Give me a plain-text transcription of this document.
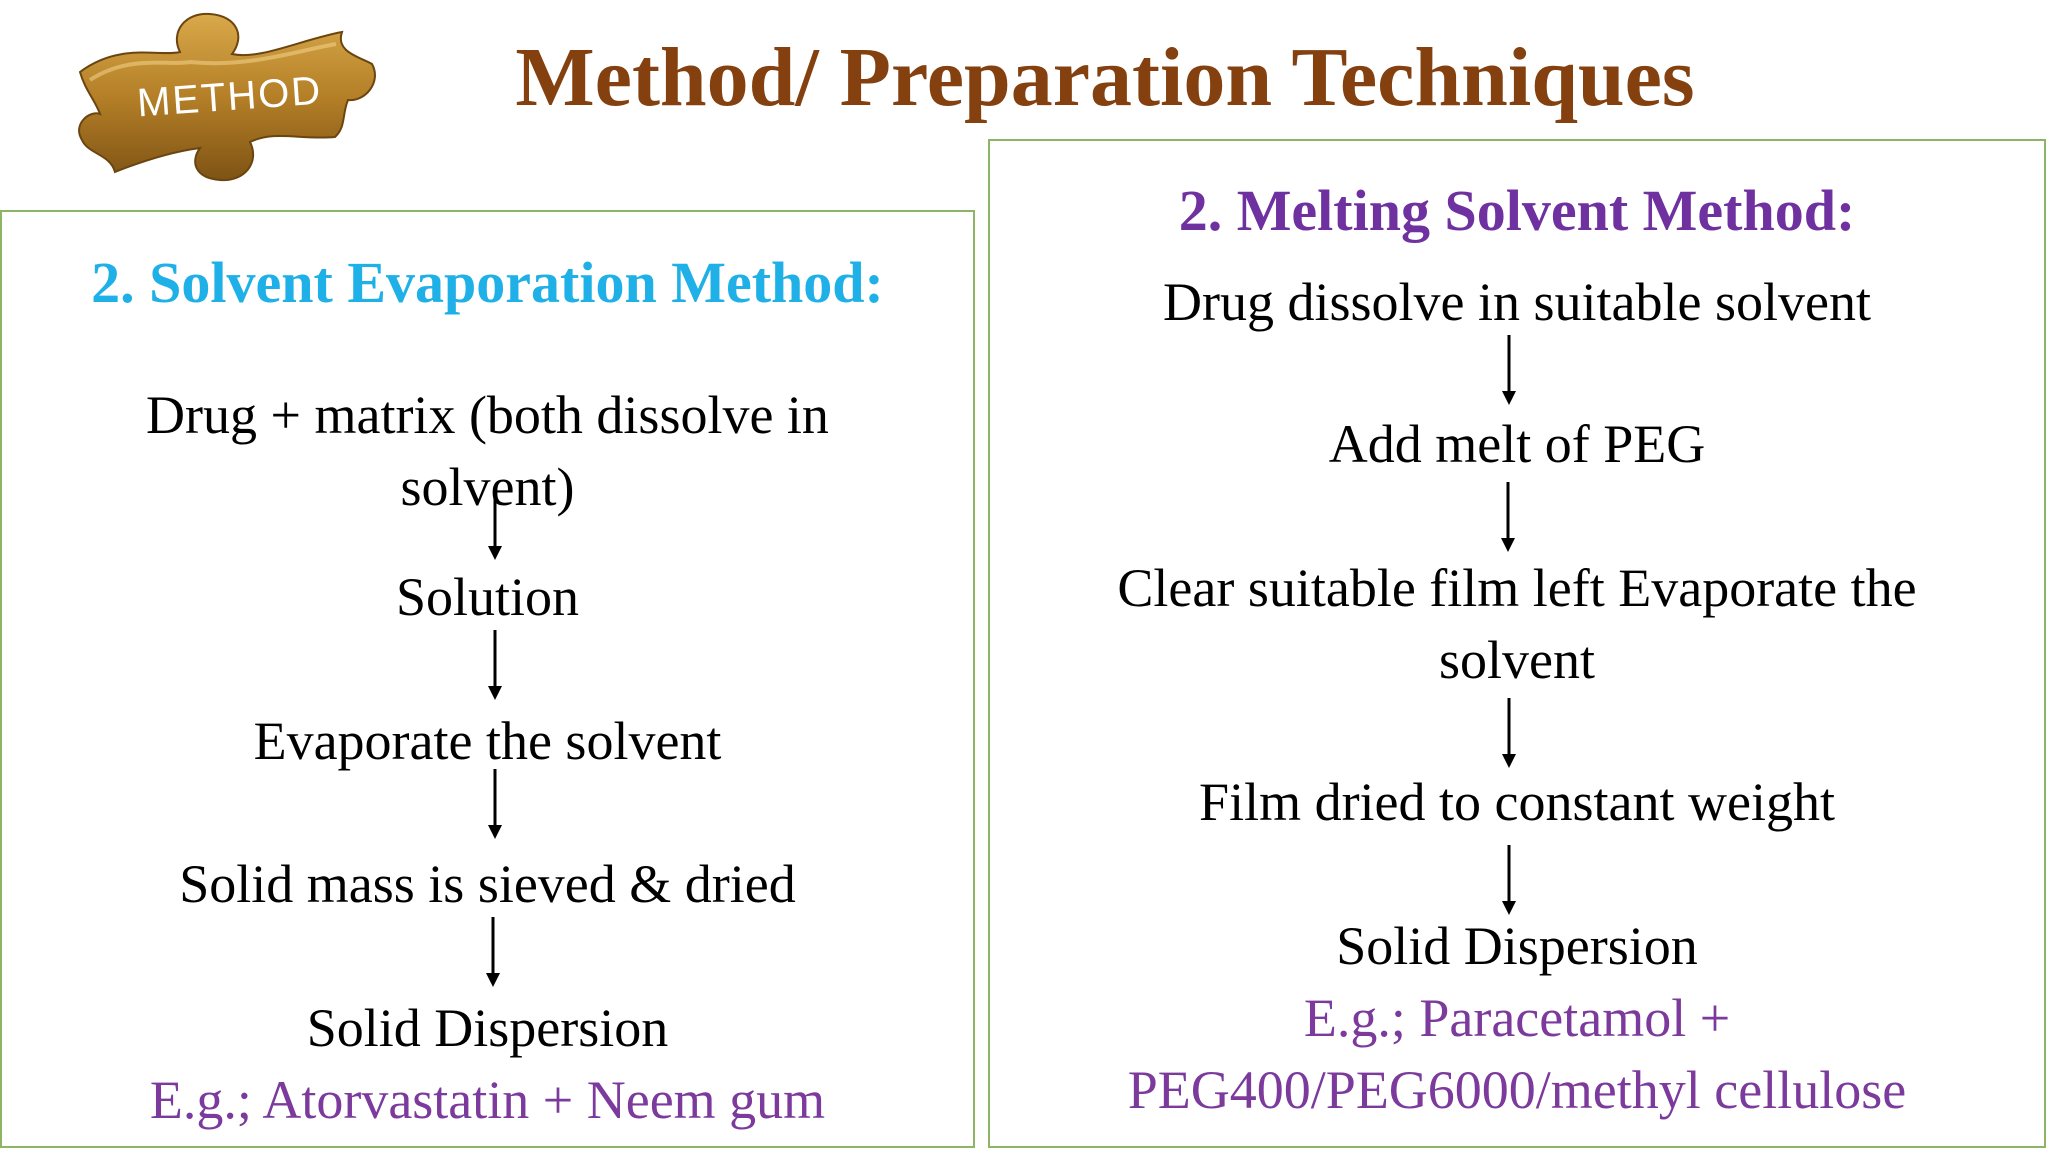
METHOD	Method/ Preparation Techniques
2. Solvent Evaporation Method:
Drug + matrix (both dissolve in
solvent)
Solution
Evaporate the solvent
Solid mass is sieved & dried
Solid Dispersion
E.g.; Atorvastatin + Neem gum
2. Melting Solvent Method:
Drug dissolve in suitable solvent
Add melt of PEG
Clear suitable film left Evaporate the
solvent
Film dried to constant weight
Solid Dispersion
E.g.; Paracetamol +
PEG400/PEG6000/methyl cellulose
